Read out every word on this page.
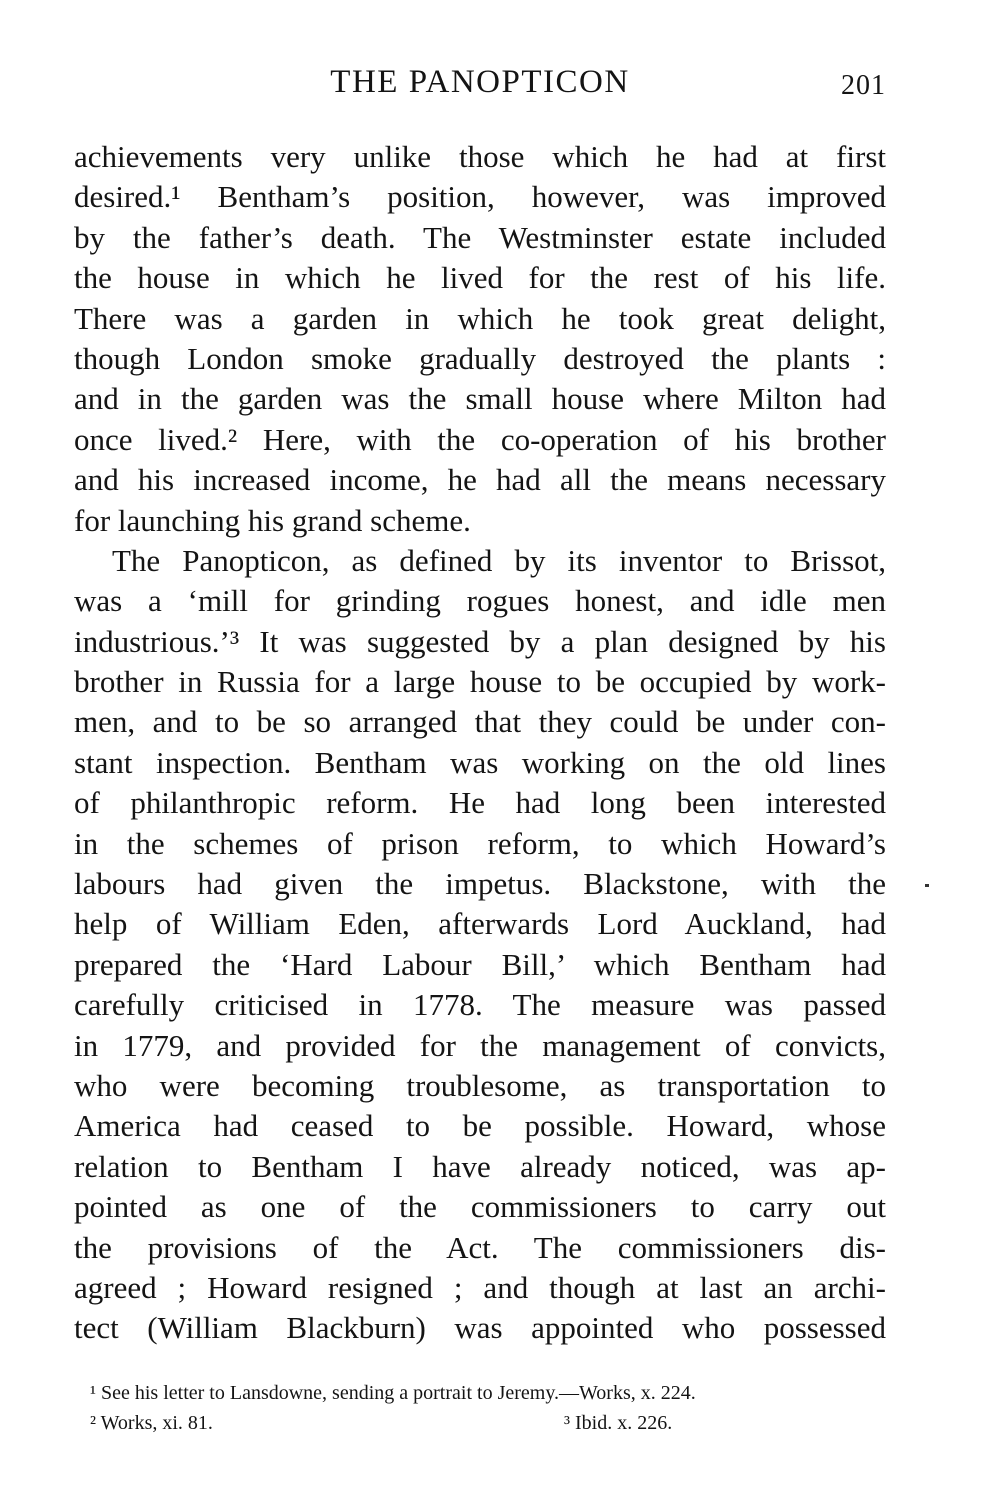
THE PANOPTICON	201
achievements very unlike those which he had at first
desired.¹ Bentham’s position, however, was improved
by the father’s death. The Westminster estate included
the house in which he lived for the rest of his life.
There was a garden in which he took great delight,
though London smoke gradually destroyed the plants :
and in the garden was the small house where Milton had
once lived.² Here, with the co-operation of his brother
and his increased income, he had all the means necessary
for launching his grand scheme.
The Panopticon, as defined by its inventor to Brissot,
was a ‘mill for grinding rogues honest, and idle men
industrious.’³ It was suggested by a plan designed by his
brother in Russia for a large house to be occupied by work-
men, and to be so arranged that they could be under con-
stant inspection. Bentham was working on the old lines
of philanthropic reform. He had long been interested
in the schemes of prison reform, to which Howard’s
labours had given the impetus. Blackstone, with the
help of William Eden, afterwards Lord Auckland, had
prepared the ‘Hard Labour Bill,’ which Bentham had
carefully criticised in 1778. The measure was passed
in 1779, and provided for the management of convicts,
who were becoming troublesome, as transportation to
America had ceased to be possible. Howard, whose
relation to Bentham I have already noticed, was ap-
pointed as one of the commissioners to carry out
the provisions of the Act. The commissioners dis-
agreed ; Howard resigned ; and though at last an archi-
tect (William Blackburn) was appointed who possessed
¹ See his letter to Lansdowne, sending a portrait to Jeremy.—Works, x. 224.
² Works, xi. 81.	³ Ibid. x. 226.
